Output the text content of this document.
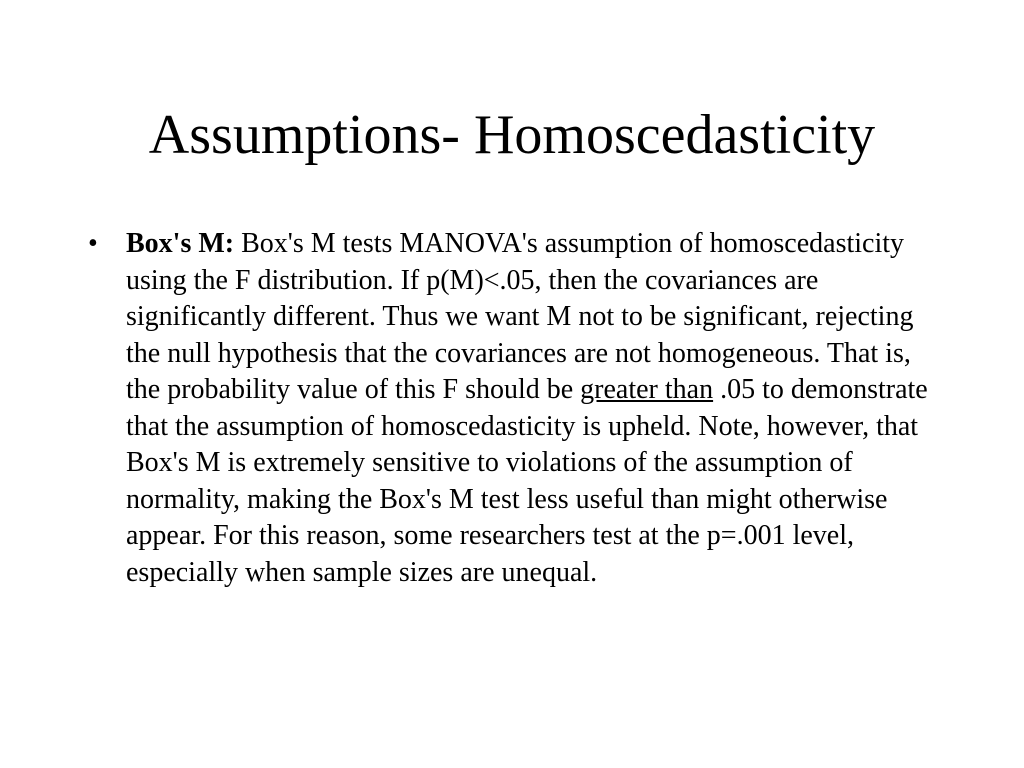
Assumptions- Homoscedasticity
• Box's M: Box's M tests MANOVA's assumption of homoscedasticity using the F distribution. If p(M)<.05, then the covariances are significantly different. Thus we want M not to be significant, rejecting the null hypothesis that the covariances are not homogeneous. That is, the probability value of this F should be greater than .05 to demonstrate that the assumption of homoscedasticity is upheld. Note, however, that Box's M is extremely sensitive to violations of the assumption of normality, making the Box's M test less useful than might otherwise appear. For this reason, some researchers test at the p=.001 level, especially when sample sizes are unequal.
